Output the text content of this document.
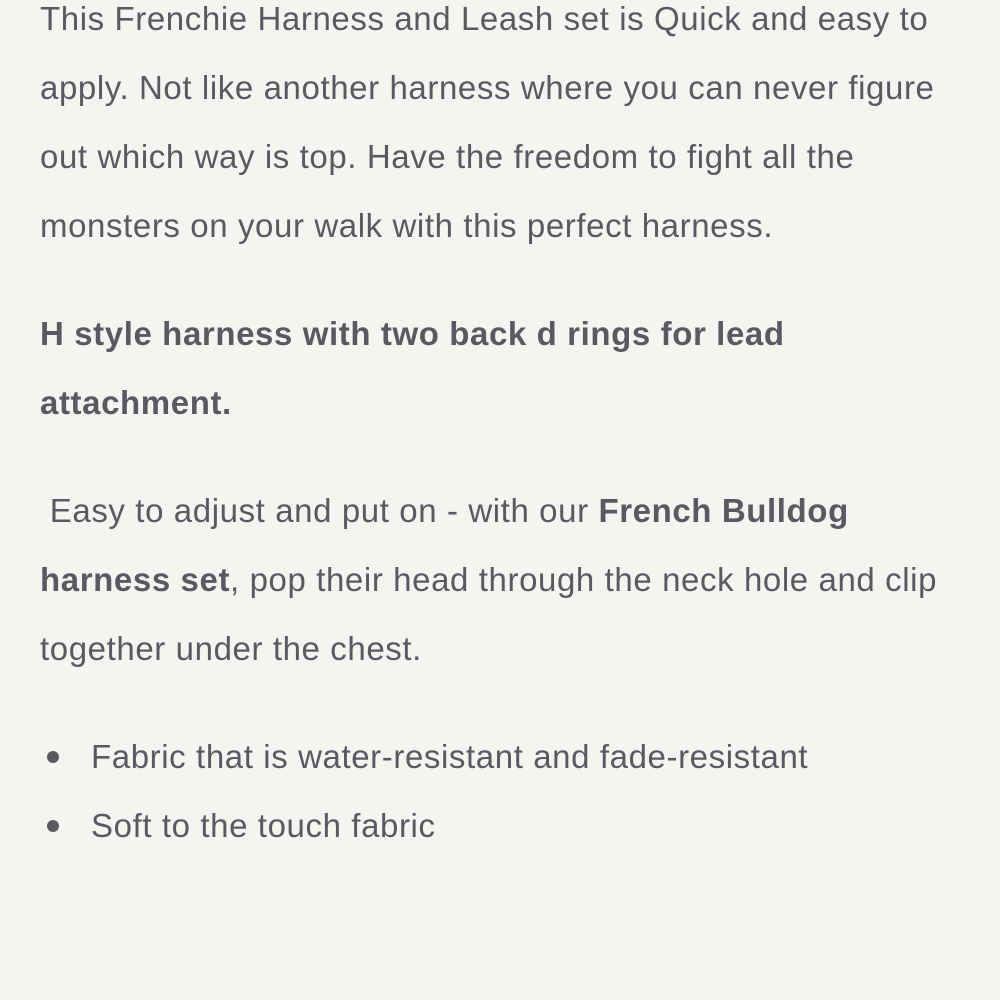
This Frenchie Harness and Leash set is Quick and easy to apply. Not like another harness where you can never figure out which way is top. Have the freedom to fight all the monsters on your walk with this perfect harness.

H style harness with two back d rings for lead attachment.

Easy to adjust and put on - with our French Bulldog harness set, pop their head through the neck hole and clip together under the chest.

Fabric that is water-resistant and fade-resistant
Soft to the touch fabric
